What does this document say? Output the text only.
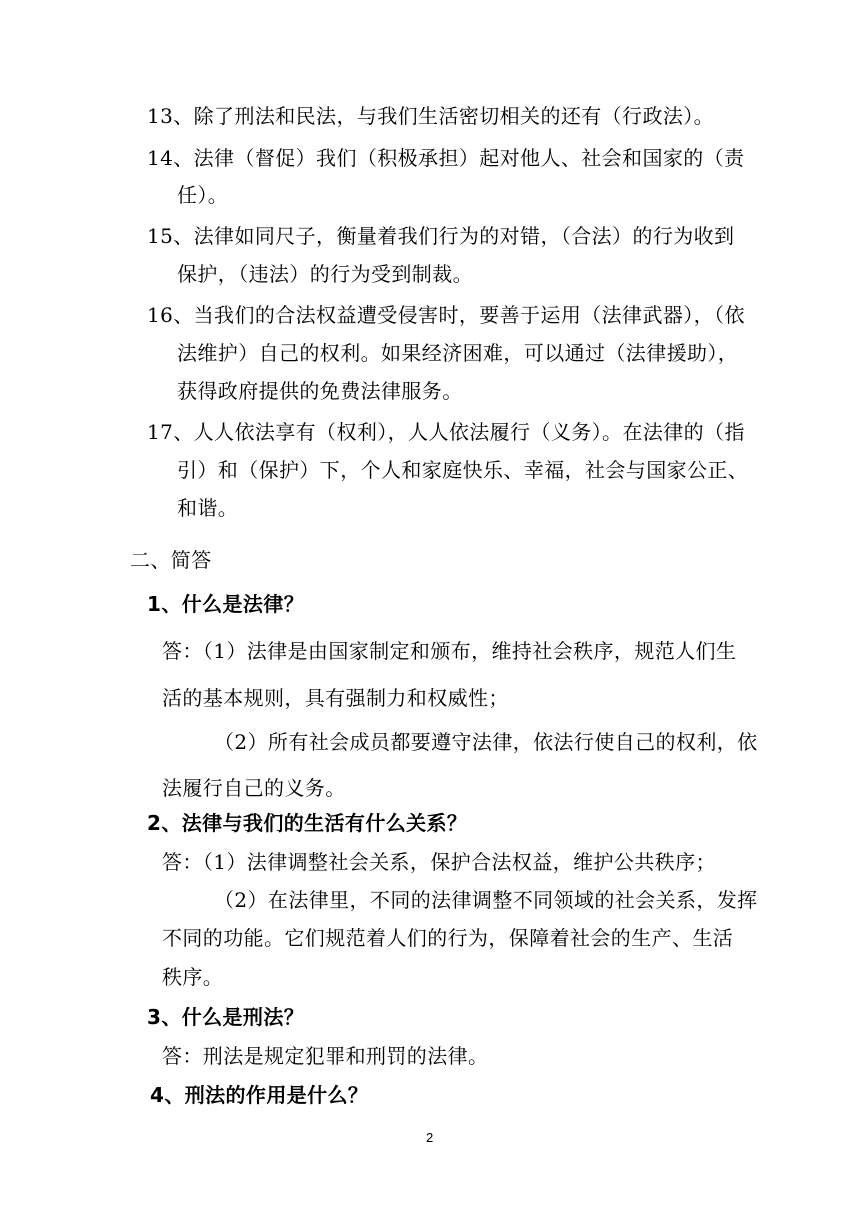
13、除了刑法和民法，与我们生活密切相关的还有（行政法）。
14、法律（督促）我们（积极承担）起对他人、社会和国家的（责
任）。
15、法律如同尺子，衡量着我们行为的对错，（合法）的行为收到
保护，（违法）的行为受到制裁。
16、当我们的合法权益遭受侵害时，要善于运用（法律武器），（依
法维护）自己的权利。如果经济困难，可以通过（法律援助），
获得政府提供的免费法律服务。
17、人人依法享有（权利），人人依法履行（义务）。在法律的（指
引）和（保护）下，个人和家庭快乐、幸福，社会与国家公正、
和谐。
二、简答
1、什么是法律？
答：（1）法律是由国家制定和颁布，维持社会秩序，规范人们生
活的基本规则，具有强制力和权威性；
（2）所有社会成员都要遵守法律，依法行使自己的权利，依
法履行自己的义务。
2、法律与我们的生活有什么关系？
答：（1）法律调整社会关系，保护合法权益，维护公共秩序；
（2）在法律里，不同的法律调整不同领域的社会关系，发挥
不同的功能。它们规范着人们的行为，保障着社会的生产、生活
秩序。
3、什么是刑法？
答：刑法是规定犯罪和刑罚的法律。
4、刑法的作用是什么？
2
